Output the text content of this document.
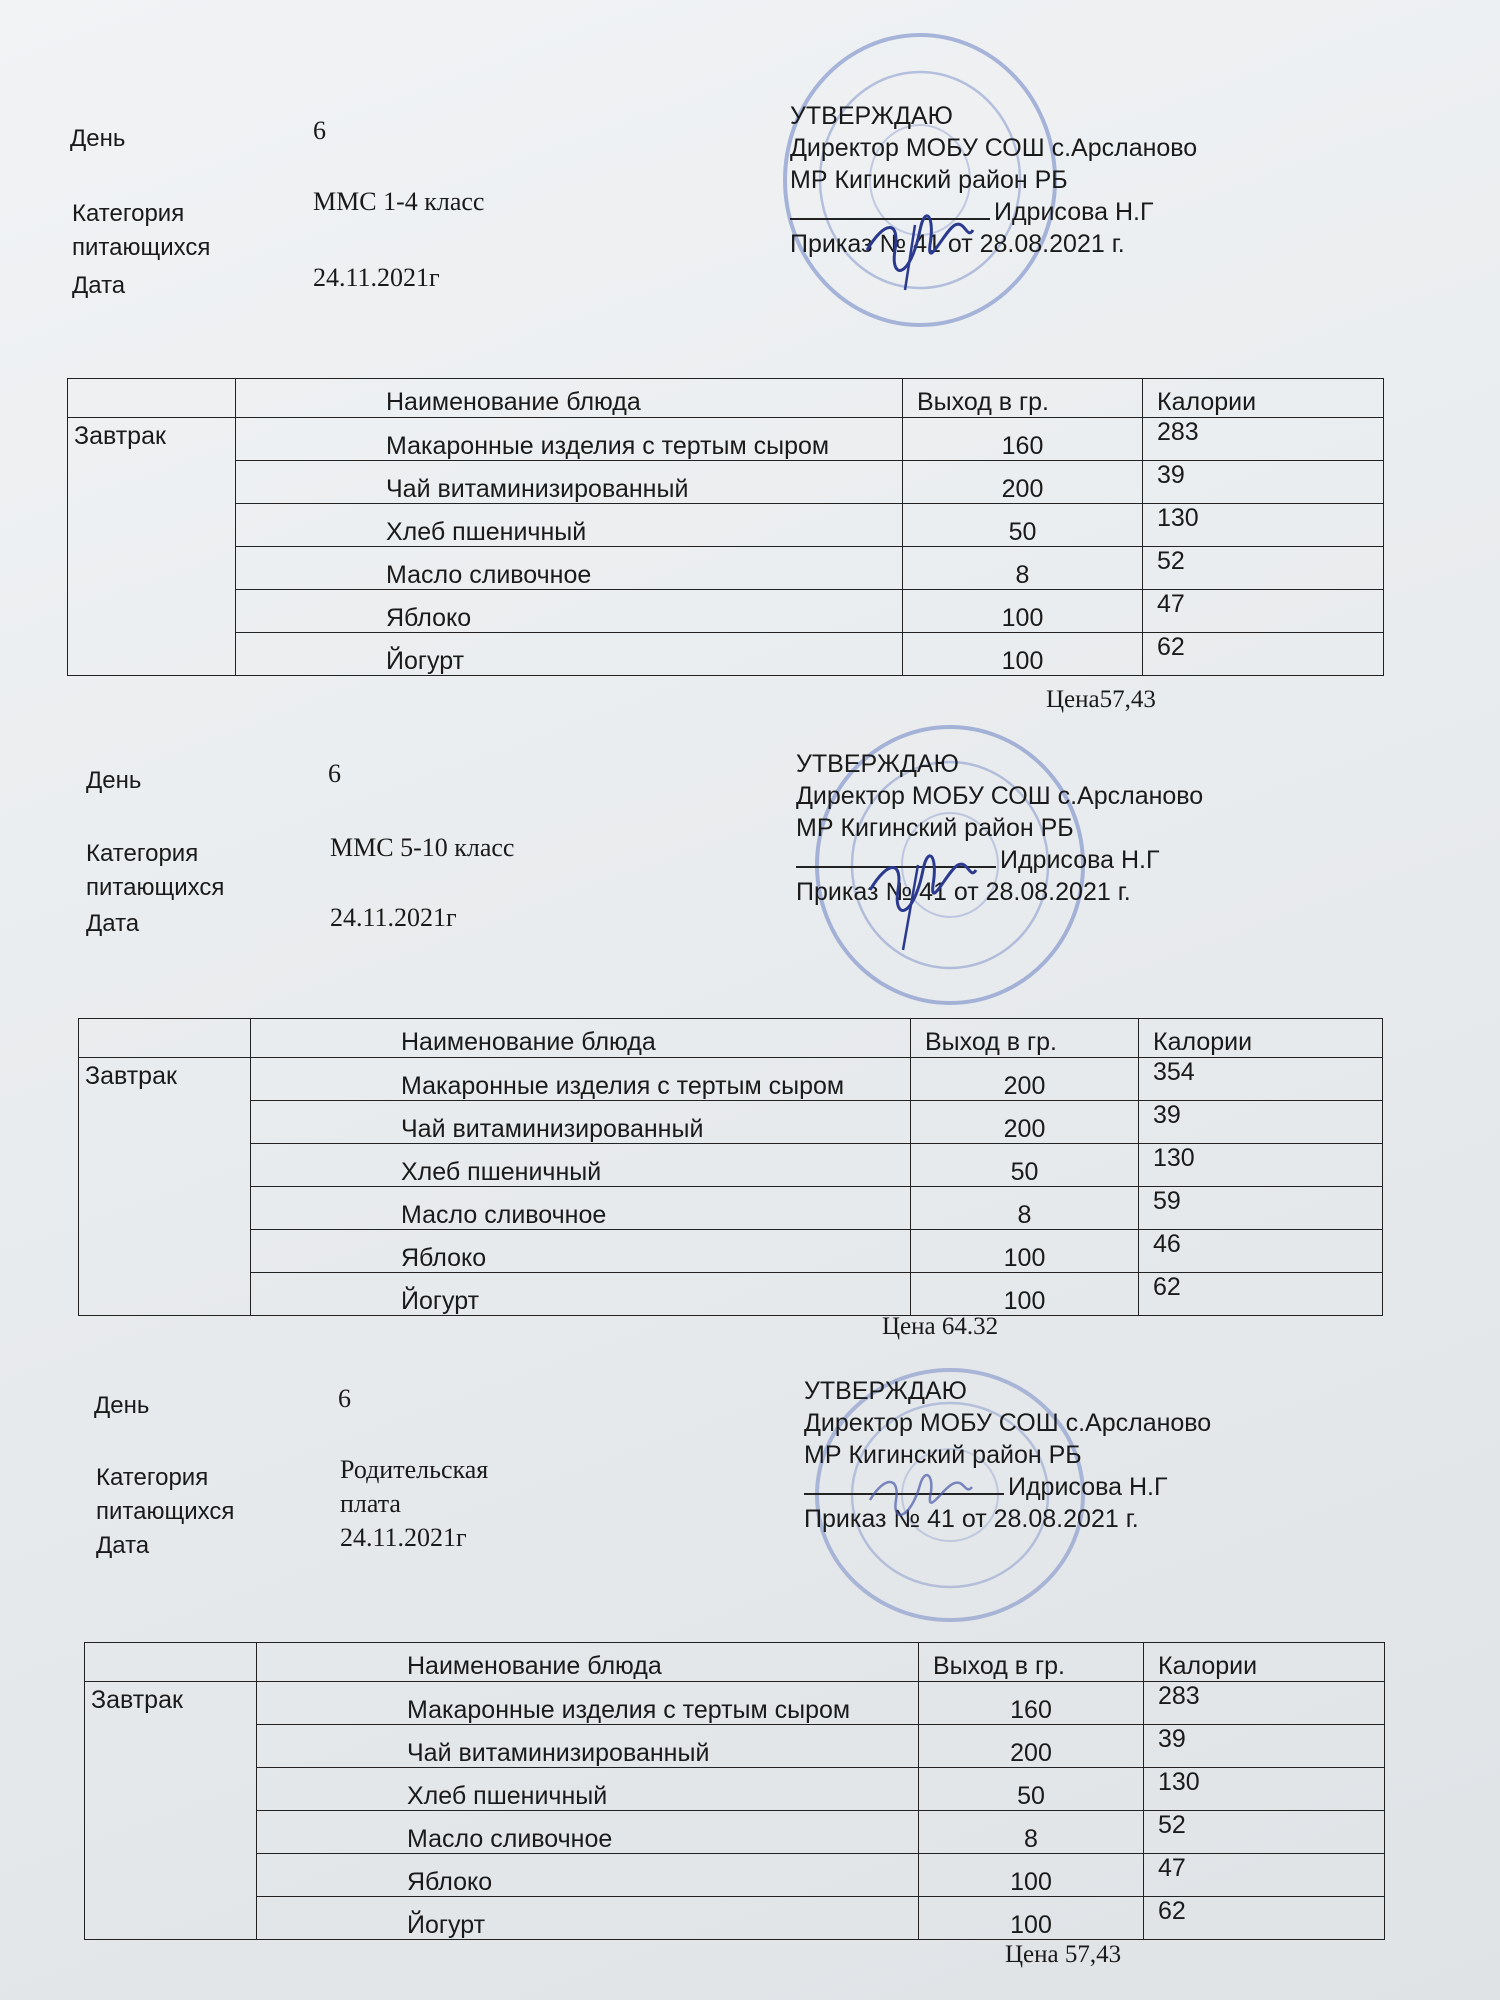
День	6
Категория
питающихся
ММС 1-4 класс
Дата	24.11.2021г
УТВЕРЖДАЮ
Директор МОБУ СОШ с.Арсланово
МР Кигинский район РБ
Идрисова Н.Г
Приказ № 41 от 28.08.2021 г.
	Наименование блюда	Выход в гр.	Калории
Завтрак	Макаронные изделия с тертым сыром	160	283
	Чай витаминизированный	200	39
	Хлеб пшеничный	50	130
	Масло сливочное	8	52
	Яблоко	100	47
	Йогурт	100	62
Цена57,43
День	6
Категория
питающихся
ММС 5-10 класс
Дата	24.11.2021г
УТВЕРЖДАЮ
Директор МОБУ СОШ с.Арсланово
МР Кигинский район РБ
Идрисова Н.Г
Приказ № 41 от 28.08.2021 г.
	Наименование блюда	Выход в гр.	Калории
Завтрак	Макаронные изделия с тертым сыром	200	354
	Чай витаминизированный	200	39
	Хлеб пшеничный	50	130
	Масло сливочное	8	59
	Яблоко	100	46
	Йогурт	100	62
Цена 64.32
День	6
Категория
питающихся
Родительская
плата
Дата	24.11.2021г
УТВЕРЖДАЮ
Директор МОБУ СОШ с.Арсланово
МР Кигинский район РБ
Идрисова Н.Г
Приказ № 41 от 28.08.2021 г.
	Наименование блюда	Выход в гр.	Калории
Завтрак	Макаронные изделия с тертым сыром	160	283
	Чай витаминизированный	200	39
	Хлеб пшеничный	50	130
	Масло сливочное	8	52
	Яблоко	100	47
	Йогурт	100	62
Цена 57,43
